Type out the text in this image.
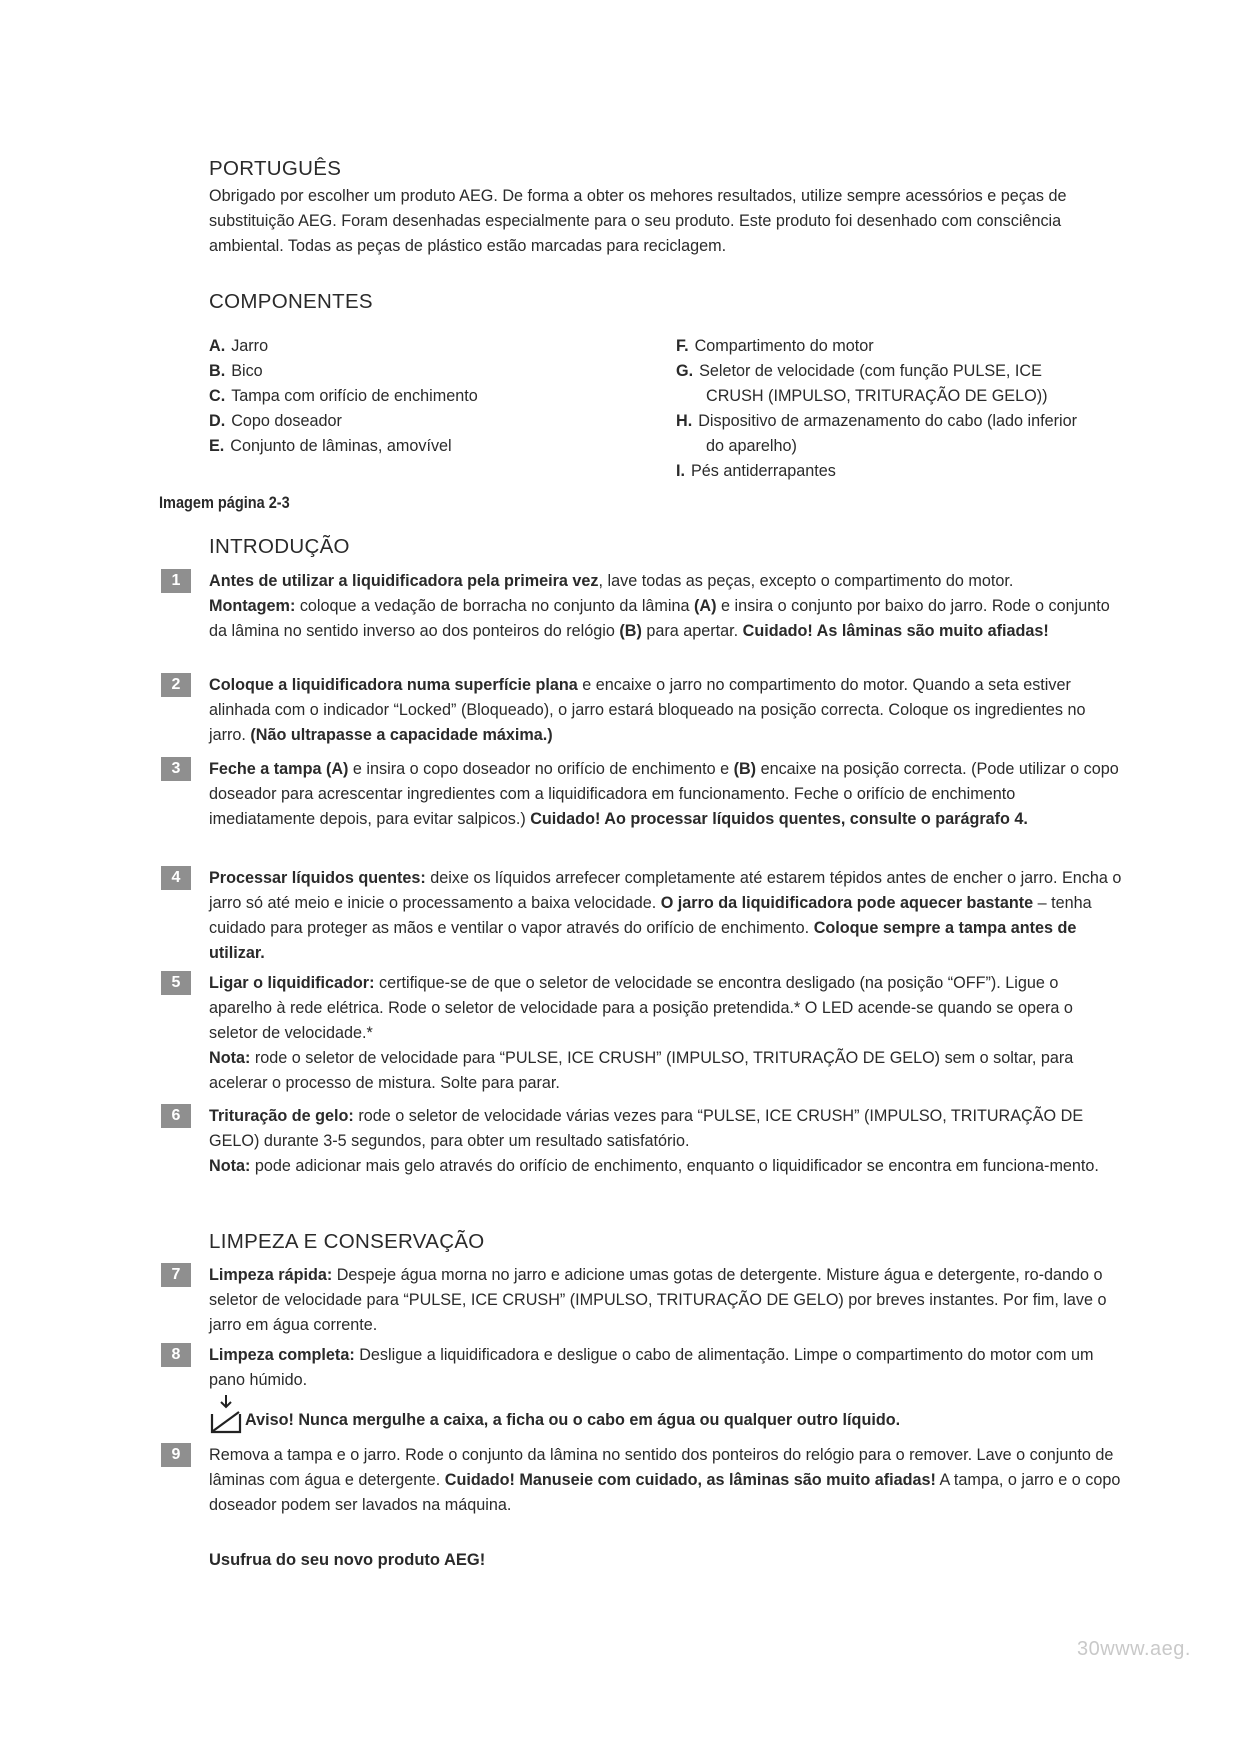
PORTUGUÊS
Obrigado por escolher um produto AEG. De forma a obter os mehores resultados, utilize sempre acessórios e peças de substituição AEG. Foram desenhadas especialmente para o seu produto. Este produto foi desenhado com consciência ambiental. Todas as peças de plástico estão marcadas para reciclagem.
COMPONENTES
A. Jarro
B. Bico
C. Tampa com orifício de enchimento
D. Copo doseador
E. Conjunto de lâminas, amovível
F. Compartimento do motor
G. Seletor de velocidade (com função PULSE, ICE
CRUSH (IMPULSO, TRITURAÇÃO DE GELO))
H. Dispositivo de armazenamento do cabo (lado inferior
do aparelho)
I. Pés antiderrapantes
Imagem página 2-3
INTRODUÇÃO
1	Antes de utilizar a liquidificadora pela primeira vez, lave todas as peças, excepto o compartimento do motor.
Montagem: coloque a vedação de borracha no conjunto da lâmina (A) e insira o conjunto por baixo do jarro. Rode o conjunto da lâmina no sentido inverso ao dos ponteiros do relógio (B) para apertar. Cuidado! As lâminas são muito afiadas!
2	Coloque a liquidificadora numa superfície plana e encaixe o jarro no compartimento do motor. Quando a seta estiver alinhada com o indicador “Locked” (Bloqueado), o jarro estará bloqueado na posição correcta. Coloque os ingredientes no jarro. (Não ultrapasse a capacidade máxima.)
3	Feche a tampa (A) e insira o copo doseador no orifício de enchimento e (B) encaixe na posição correcta. (Pode utilizar o copo doseador para acrescentar ingredientes com a liquidificadora em funcionamento. Feche o orifício de enchimento imediatamente depois, para evitar salpicos.) Cuidado! Ao processar líquidos quentes, consulte o parágrafo 4.
4	Processar líquidos quentes: deixe os líquidos arrefecer completamente até estarem tépidos antes de encher o jarro. Encha o jarro só até meio e inicie o processamento a baixa velocidade. O jarro da liquidificadora pode aquecer bastante – tenha cuidado para proteger as mãos e ventilar o vapor através do orifício de enchimento. Coloque sempre a tampa antes de utilizar.
5	Ligar o liquidificador: certifique-se de que o seletor de velocidade se encontra desligado (na posição “OFF”). Ligue o aparelho à rede elétrica. Rode o seletor de velocidade para a posição pretendida.* O LED acende-se quando se opera o seletor de velocidade.*
Nota: rode o seletor de velocidade para “PULSE, ICE CRUSH” (IMPULSO, TRITURAÇÃO DE GELO) sem o soltar, para acelerar o processo de mistura. Solte para parar.
6	Trituração de gelo: rode o seletor de velocidade várias vezes para “PULSE, ICE CRUSH” (IMPULSO, TRITURAÇÃO DE GELO) durante 3-5 segundos, para obter um resultado satisfatório.
Nota: pode adicionar mais gelo através do orifício de enchimento, enquanto o liquidificador se encontra em funciona-mento.
LIMPEZA E CONSERVAÇÃO
7	Limpeza rápida: Despeje água morna no jarro e adicione umas gotas de detergente. Misture água e detergente, ro-dando o seletor de velocidade para “PULSE, ICE CRUSH” (IMPULSO, TRITURAÇÃO DE GELO) por breves instantes. Por fim, lave o jarro em água corrente.
8	Limpeza completa: Desligue a liquidificadora e desligue o cabo de alimentação. Limpe o compartimento do motor com um pano húmido.
Aviso! Nunca mergulhe a caixa, a ficha ou o cabo em água ou qualquer outro líquido.
9	Remova a tampa e o jarro. Rode o conjunto da lâmina no sentido dos ponteiros do relógio para o remover. Lave o conjunto de lâminas com água e detergente. Cuidado! Manuseie com cuidado, as lâminas são muito afiadas! A tampa, o jarro e o copo doseador podem ser lavados na máquina.
Usufrua do seu novo produto AEG!
30www.aeg.
